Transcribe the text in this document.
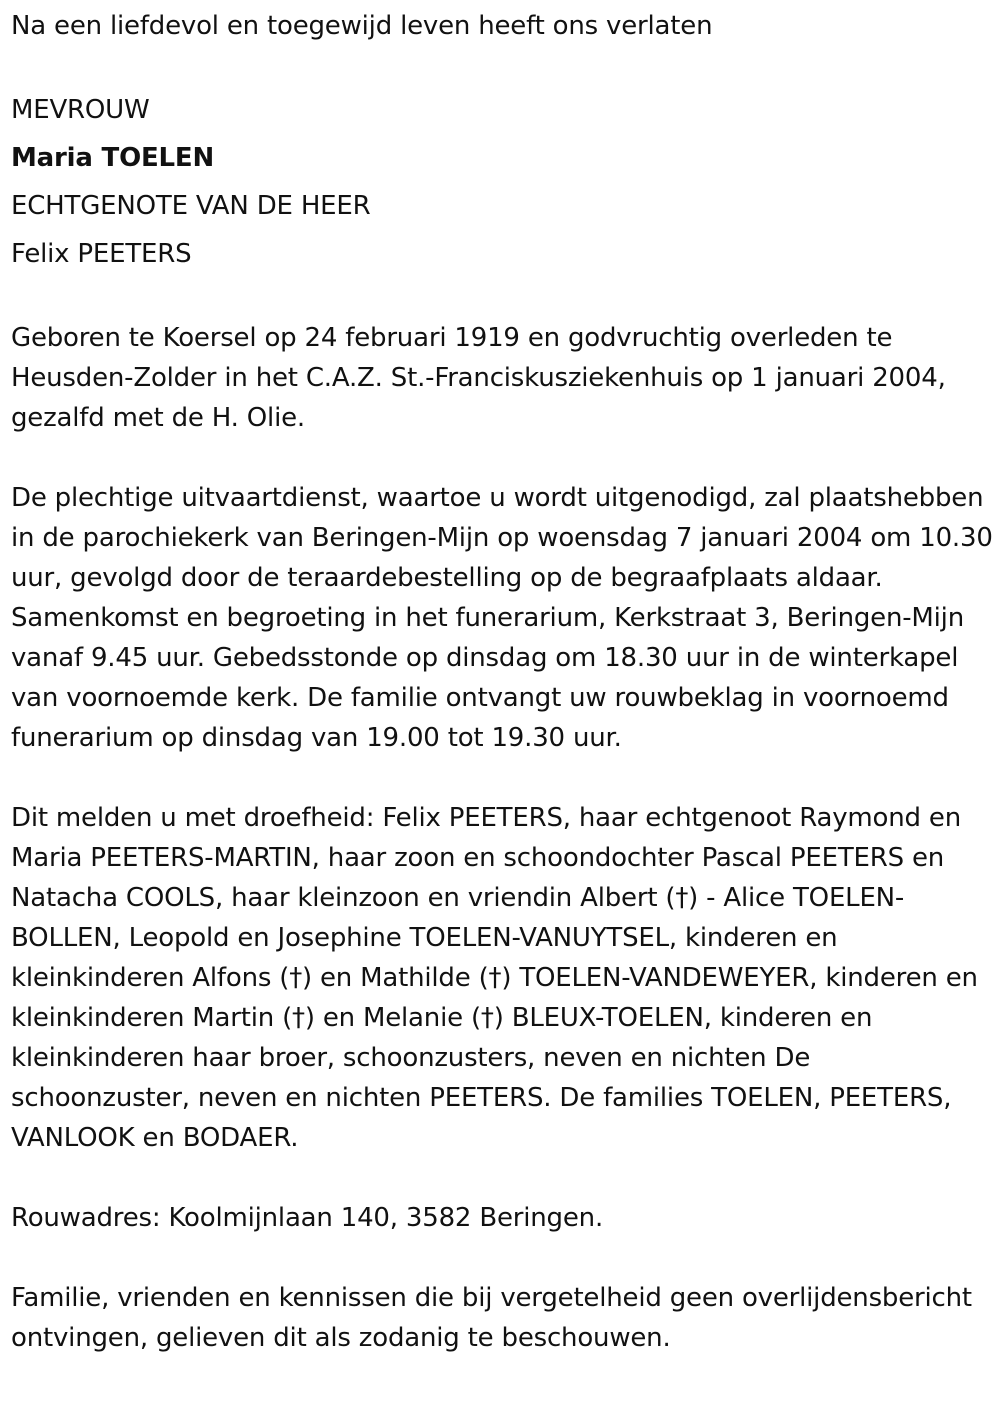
Na een liefdevol en toegewijd leven heeft ons verlaten

MEVROUW

Maria TOELEN

ECHTGENOTE VAN DE HEER

Felix PEETERS

Geboren te Koersel op 24 februari 1919 en godvruchtig overleden te Heusden-Zolder in het C.A.Z. St.-Franciskusziekenhuis op 1 januari 2004, gezalfd met de H. Olie.

De plechtige uitvaartdienst, waartoe u wordt uitgenodigd, zal plaatshebben in de parochiekerk van Beringen-Mijn op woensdag 7 januari 2004 om 10.30 uur, gevolgd door de teraardebestelling op de begraafplaats aldaar. Samenkomst en begroeting in het funerarium, Kerkstraat 3, Beringen-Mijn vanaf 9.45 uur. Gebedsstonde op dinsdag om 18.30 uur in de winterkapel van voornoemde kerk. De familie ontvangt uw rouwbeklag in voornoemd funerarium op dinsdag van 19.00 tot 19.30 uur.

Dit melden u met droefheid: Felix PEETERS, haar echtgenoot Raymond en Maria PEETERS-MARTIN, haar zoon en schoondochter Pascal PEETERS en Natacha COOLS, haar kleinzoon en vriendin Albert (†) - Alice TOELEN-BOLLEN, Leopold en Josephine TOELEN-VANUYTSEL, kinderen en kleinkinderen Alfons (†) en Mathilde (†) TOELEN-VANDEWEYER, kinderen en kleinkinderen Martin (†) en Melanie (†) BLEUX-TOELEN, kinderen en kleinkinderen haar broer, schoonzusters, neven en nichten De schoonzuster, neven en nichten PEETERS. De families TOELEN, PEETERS, VANLOOK en BODAER.

Rouwadres: Koolmijnlaan 140, 3582 Beringen.

Familie, vrienden en kennissen die bij vergetelheid geen overlijdensbericht ontvingen, gelieven dit als zodanig te beschouwen.
